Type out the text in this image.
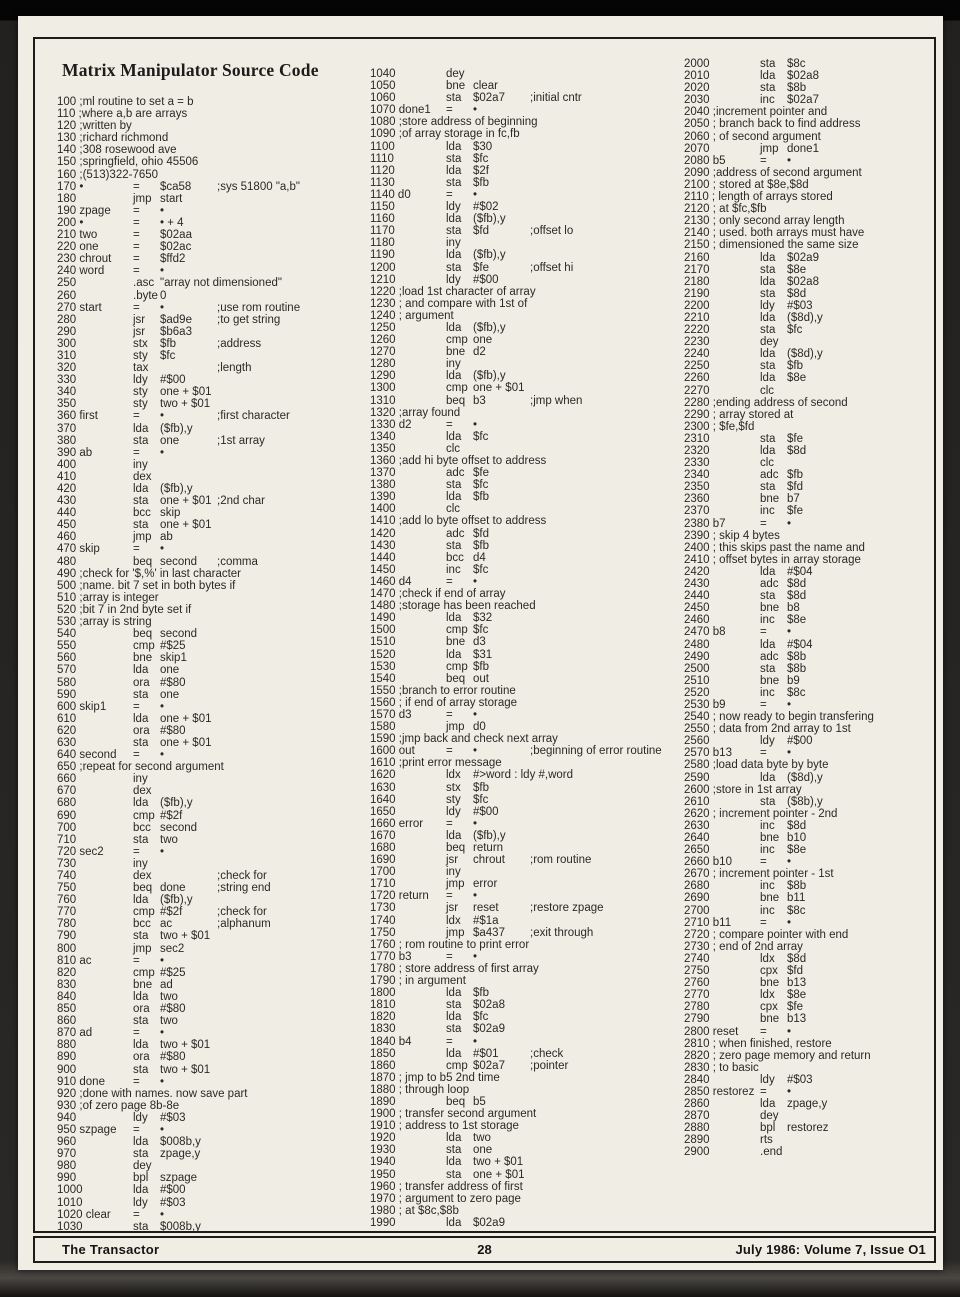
Matrix Manipulator Source Code
100 ;ml routine to set a = b
110 ;where a,b are arrays
120 ;written by
130 ;richard richmond
140 ;308 rosewood ave
150 ;springfield, ohio 45506
160 ;(513)322-7650
170 •	= $ca58 ;sys 51800 "a,b"
180	jmp start
190 zpage = •
200 •	= • + 4
210 two	= $02aa
220 one	= $02ac
230 chrout = $ffd2
240 word = •
250	.asc "array not dimensioned"
260	.byte 0
270 start	= •	;use rom routine
280	jsr $ad9e ;to get string
290	jsr $b6a3
300	stx $fb	;address
310	sty $fc
320	tax	;length
330	ldy #$00
340	sty one + $01
350	sty two + $01
360 first	= •	;first character
370	lda ($fb),y
380	sta one	;1st array
390 ab	= •
400	iny
410	dex
420	lda ($fb),y
430	sta one + $01 ;2nd char
440	bcc skip
450	sta one + $01
460	jmp ab
470 skip	= •
480	beq second ;comma
490 ;check for '$,%' in last character
500 ;name. bit 7 set in both bytes if
510 ;array is integer
520 ;bit 7 in 2nd byte set if
530 ;array is string
540	beq second
550	cmp #$25
560	bne skip1
570	lda one
580	ora #$80
590	sta one
600 skip1 = •
610	lda one + $01
620	ora #$80
630	sta one + $01
640 second = •
650 ;repeat for second argument
660	iny
670	dex
680	lda ($fb),y
690	cmp #$2f
700	bcc second
710	sta two
720 sec2	= •
730	iny
740	dex	;check for
750	beq done	;string end
760	lda ($fb),y
770	cmp #$2f	;check for
780	bcc ac	;alphanum
790	sta two + $01
800	jmp sec2
810 ac	= •
820	cmp #$25
830	bne ad
840	lda two
850	ora #$80
860	sta two
870 ad	= •
880	lda two + $01
890	ora #$80
900	sta two + $01
910 done = •
920 ;done with names. now save part
930 ;of zero page 8b-8e
940	ldy #$03
950 szpage = •
960	lda $008b,y
970	sta zpage,y
980	dey
990	bpl szpage
1000	lda #$00
1010	ldy #$03
1020 clear = •
1030	sta $008b,y
1040	dey
1050	bne clear
1060	sta $02a7 ;initial cntr
1070 done1 = •
1080 ;store address of beginning
1090 ;of array storage in fc,fb
1100	lda $30
1110	sta $fc
1120	lda $2f
1130	sta $fb
1140 d0	= •
1150	ldy #$02
1160	lda ($fb),y
1170	sta $fd	;offset lo
1180	iny
1190	lda ($fb),y
1200	sta $fe	;offset hi
1210	ldy #$00
1220 ;load 1st character of array
1230 ; and compare with 1st of
1240 ; argument
1250	lda ($fb),y
1260	cmp one
1270	bne d2
1280	iny
1290	lda ($fb),y
1300	cmp one + $01
1310	beq b3	;jmp when
1320 ;array found
1330 d2	= •
1340	lda $fc
1350	clc
1360 ;add hi byte offset to address
1370	adc $fe
1380	sta $fc
1390	lda $fb
1400	clc
1410 ;add lo byte offset to address
1420	adc $fd
1430	sta $fb
1440	bcc d4
1450	inc $fc
1460 d4	= •
1470 ;check if end of array
1480 ;storage has been reached
1490	lda $32
1500	cmp $fc
1510	bne d3
1520	lda $31
1530	cmp $fb
1540	beq out
1550 ;branch to error routine
1560 ; if end of array storage
1570 d3	= •
1580	jmp d0
1590 ;jmp back and check next array
1600 out	= •	;beginning of error routine
1610 ;print error message
1620	ldx #>word : ldy #,word
1630	stx $fb
1640	sty $fc
1650	ldy #$00
1660 error = •
1670	lda ($fb),y
1680	beq return
1690	jsr chrout ;rom routine
1700	iny
1710	jmp error
1720 return = •
1730	jsr reset	;restore zpage
1740	ldx #$1a
1750	jmp $a437 ;exit through
1760 ; rom routine to print error
1770 b3	= •
1780 ; store address of first array
1790 ; in argument
1800	lda $fb
1810	sta $02a8
1820	lda $fc
1830	sta $02a9
1840 b4	= •
1850	lda #$01	;check
1860	cmp $02a7 ;pointer
1870 ; jmp to b5 2nd time
1880 ; through loop
1890	beq b5
1900 ; transfer second argument
1910 ; address to 1st storage
1920	lda two
1930	sta one
1940	lda two + $01
1950	sta one + $01
1960 ; transfer address of first
1970 ; argument to zero page
1980 ; at $8c,$8b
1990	lda $02a9
2000	sta $8c
2010	lda $02a8
2020	sta $8b
2030	inc $02a7
2040 ;increment pointer and
2050 ; branch back to find address
2060 ; of second argument
2070	jmp done1
2080 b5	= •
2090 ;address of second argument
2100 ; stored at $8e,$8d
2110 ; length of arrays stored
2120 ; at $fc,$fb
2130 ; only second array length
2140 ; used. both arrays must have
2150 ; dimensioned the same size
2160	lda $02a9
2170	sta $8e
2180	lda $02a8
2190	sta $8d
2200	ldy #$03
2210	lda ($8d),y
2220	sta $fc
2230	dey
2240	lda ($8d),y
2250	sta $fb
2260	lda $8e
2270	clc
2280 ;ending address of second
2290 ; array stored at
2300 ; $fe,$fd
2310	sta $fe
2320	lda $8d
2330	clc
2340	adc $fb
2350	sta $fd
2360	bne b7
2370	inc $fe
2380 b7	= •
2390 ; skip 4 bytes
2400 ; this skips past the name and
2410 ; offset bytes in array storage
2420	lda #$04
2430	adc $8d
2440	sta $8d
2450	bne b8
2460	inc $8e
2470 b8	= •
2480	lda #$04
2490	adc $8b
2500	sta $8b
2510	bne b9
2520	inc $8c
2530 b9	= •
2540 ; now ready to begin transfering
2550 ; data from 2nd array to 1st
2560	ldy #$00
2570 b13 = •
2580 ;load data byte by byte
2590	lda ($8d),y
2600 ;store in 1st array
2610	sta ($8b),y
2620 ; increment pointer - 2nd
2630	inc $8d
2640	bne b10
2650	inc $8e
2660 b10 = •
2670 ; increment pointer - 1st
2680	inc $8b
2690	bne b11
2700	inc $8c
2710 b11	= •
2720 ; compare pointer with end
2730 ; end of 2nd array
2740	ldx $8d
2750	cpx $fd
2760	bne b13
2770	ldx $8e
2780	cpx $fe
2790	bne b13
2800 reset = •
2810 ; when finished, restore
2820 ; zero page memory and return
2830 ; to basic
2840	ldy #$03
2850 restorez = •
2860	lda zpage,y
2870	dey
2880	bpl restorez
2890	rts
2900	.end
The Transactor	28	July 1986: Volume 7, Issue O1
